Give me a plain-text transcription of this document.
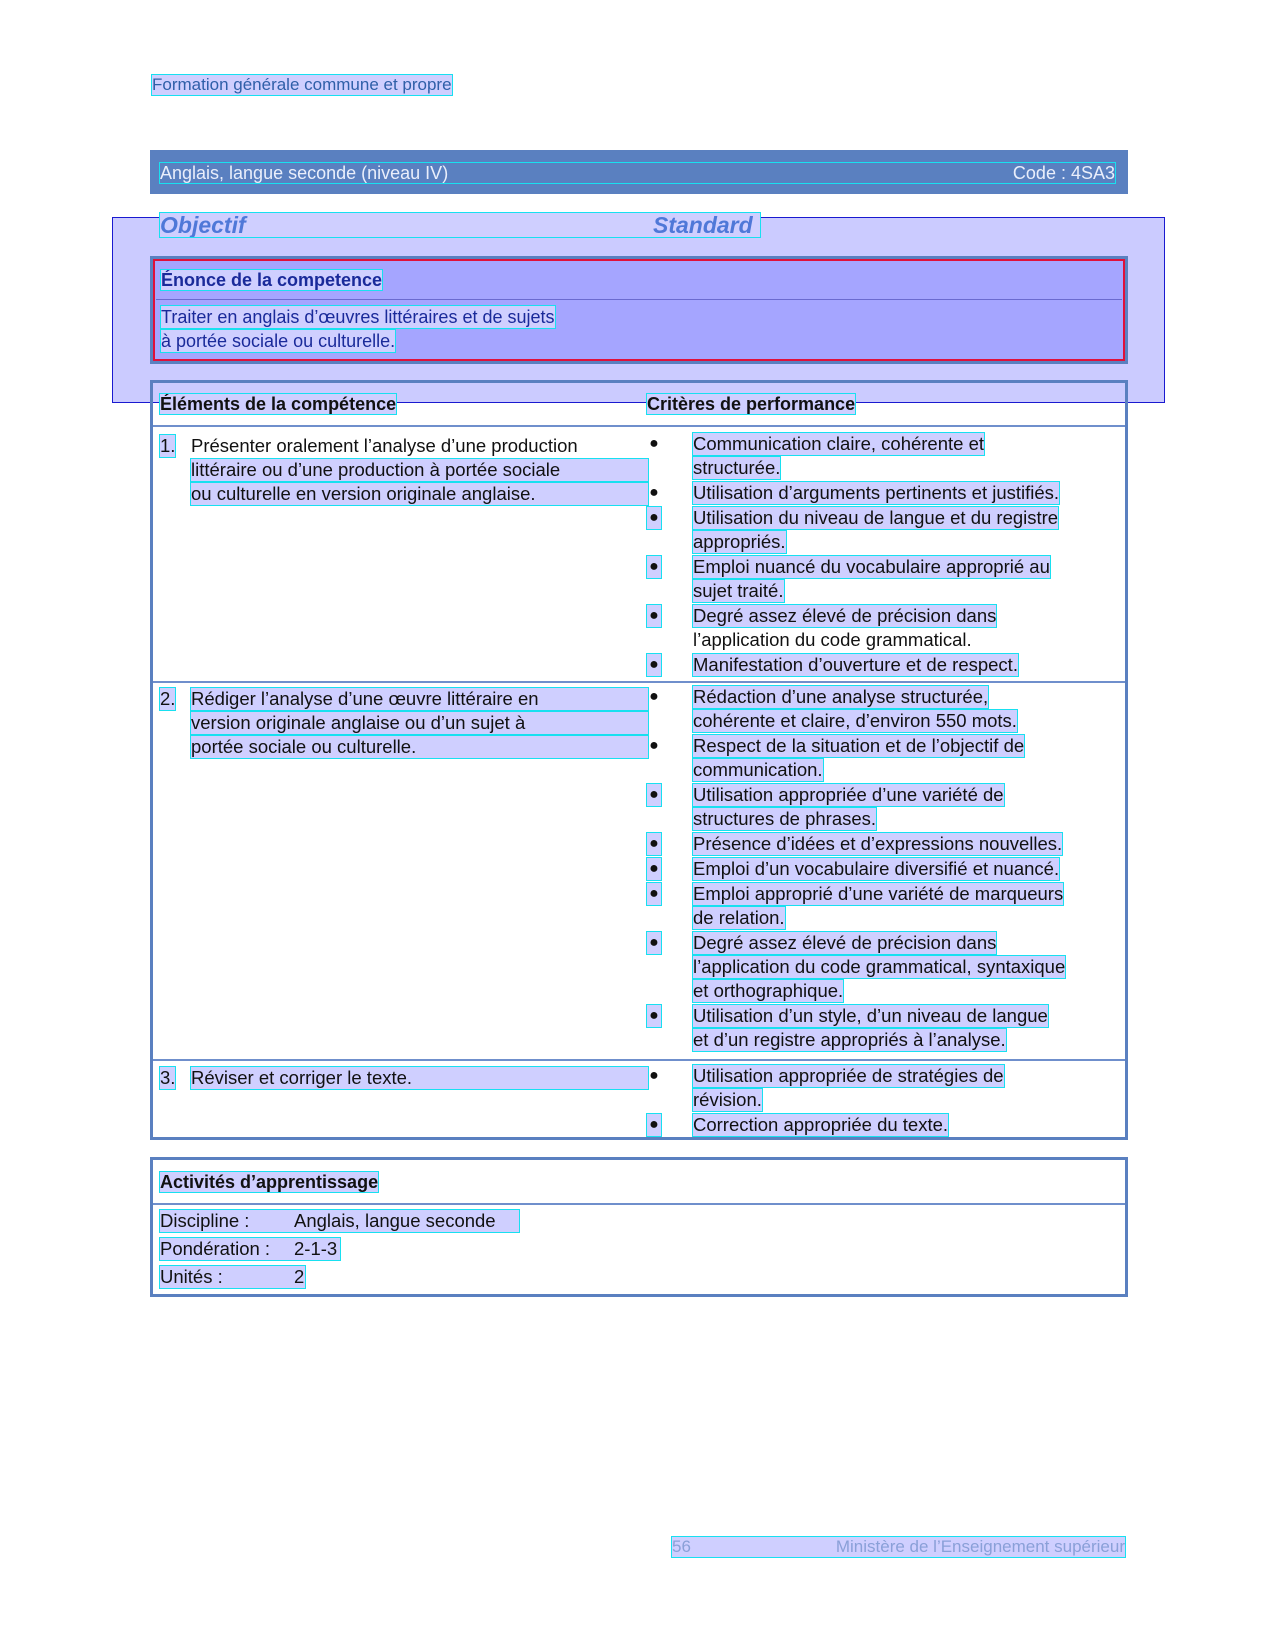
Formation générale commune et propre
Anglais, langue seconde (niveau IV)	Code : 4SA3
Objectif	Standard
Énonce de la competence
Traiter en anglais d’œuvres littéraires et de sujets
à portée sociale ou culturelle.
Éléments de la compétence	Critères de performance
1. Présenter oralement l’analyse d’une production
littéraire ou d’une production à portée sociale
ou culturelle en version originale anglaise.
● Communication claire, cohérente et
structurée.
● Utilisation d’arguments pertinents et justifiés.
● Utilisation du niveau de langue et du registre
appropriés.
● Emploi nuancé du vocabulaire approprié au
sujet traité.
● Degré assez élevé de précision dans
l’application du code grammatical.
● Manifestation d’ouverture et de respect.
2. Rédiger l’analyse d’une œuvre littéraire en
version originale anglaise ou d’un sujet à
portée sociale ou culturelle.
● Rédaction d’une analyse structurée,
cohérente et claire, d’environ 550 mots.
● Respect de la situation et de l’objectif de
communication.
● Utilisation appropriée d’une variété de
structures de phrases.
● Présence d’idées et d’expressions nouvelles.
● Emploi d’un vocabulaire diversifié et nuancé.
● Emploi approprié d’une variété de marqueurs
de relation.
● Degré assez élevé de précision dans
l’application du code grammatical, syntaxique
et orthographique.
● Utilisation d’un style, d’un niveau de langue
et d’un registre appropriés à l’analyse.
3. Réviser et corriger le texte.	● Utilisation appropriée de stratégies de
révision.
● Correction appropriée du texte.
Activités d’apprentissage
Discipline : Anglais, langue seconde
Pondération : 2-1-3
Unités :	2
56	Ministère de l’Enseignement supérieur
